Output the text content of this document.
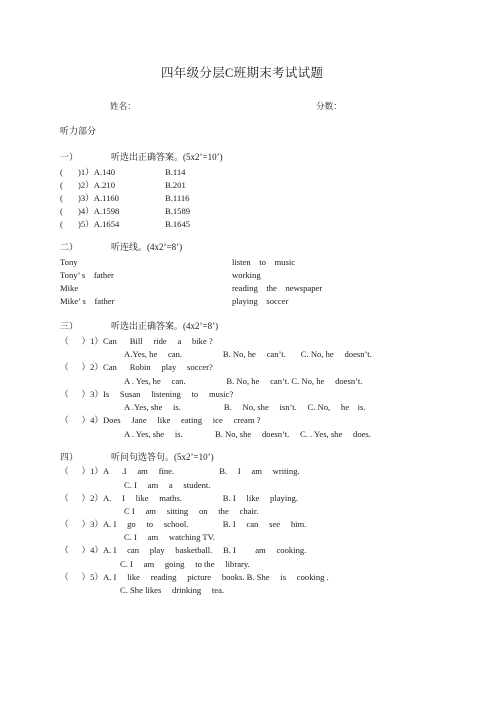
四年级分层C班期末考试试题
姓名：	分数：
听力部分
一）	听选出正确答案。(5x2’=10’)
( )1）A.140	B.114
( )2）A.210	B.201
( )3）A.1160	B.1116
( )4）A.1598	B.1589
( )5）A.1654	B.1645
二）	听连线。(4x2’=8’)
Tony	listen    to    music
Tony’ s    father	working
Mike	reading    the    newspaper
Mike’ s    father	playing    soccer
三）	听选出正确答案。(4x2’=8’)
（      ）1）Can      Bill     ride     a     bike ?
A.Yes, he     can.                   B. No, he     can’t.       C. No, he     doesn’t.
（      ）2）Can      Robin     play     soccer?
A . Yes, he     can.                   B. No, he     can’t. C. No, he     doesn’t.
（      ）3）Is     Susan     listening     to     music?
A .Yes, she     is.                    B.     No, she     isn’t.     C. No,     he    is.
（      ）4）Does     Jane     like     eating     ice     cream ?
A . Yes, she     is.               B. No, she     doesn’t.     C. . Yes, she     does.
四）	听问句选答句。(5x2’=10’)
（      ）1）A      .I     am     fine.                     B.     I     am     writing.
C. I     am     a     student.
（      ）2）A.     I     like     maths.                   B. I     like     playing.
C I     am     sitting     on     the     chair.
（      ）3）A. I     go     to     school.                B. I     can     see     him.
C. I     am     watching TV.
（      ）4）A. I     can     play     basketball.     B. I         am     cooking.
C. I     am     going     to the     library.
（      ）5）A. I     like     reading     picture     books. B. She     is     cooking .
C. She likes     drinking     tea.
